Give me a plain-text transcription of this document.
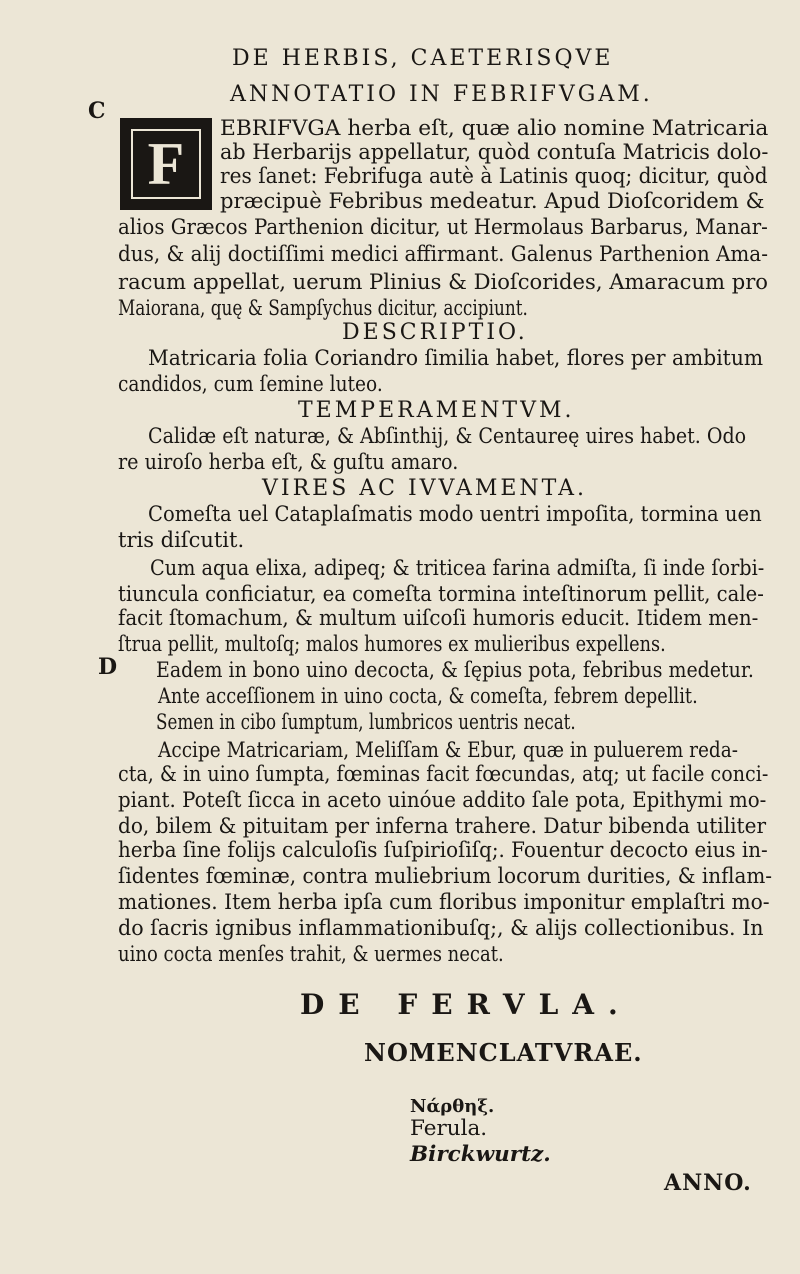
DE HERBIS, CAETERISQVE
ANNOTATIO IN FEBRIFVGAM.
C
F
EBRIFVGA herba eſt, quæ alio nomine Matricaria
ab Herbarijs appellatur, quòd contuſa Matricis dolo-
res ſanet: Febrifuga autè à Latinis quoq; dicitur, quòd
præcipuè Febribus medeatur. Apud Dioſcoridem &
alios Græcos Parthenion dicitur, ut Hermolaus Barbarus, Manar-
dus, & alij doctiſſimi medici affirmant. Galenus Parthenion Ama-
racum appellat, uerum Plinius & Dioſcorides, Amaracum pro
Maiorana, quę & Sampſychus dicitur, accipiunt.
DESCRIPTIO.
Matricaria folia Coriandro ſimilia habet, flores per ambitum
candidos, cum ſemine luteo.
TEMPERAMENTVM.
Calidæ eſt naturæ, & Abſinthij, & Centaureę uires habet. Odo
re uiroſo herba eſt, & guſtu amaro.
VIRES AC IVVAMENTA.
Comeſta uel Cataplaſmatis modo uentri impoſita, tormina uen
tris diſcutit.
Cum aqua elixa, adipeq; & triticea farina admiſta, ſi inde ſorbi-
tiuncula conficiatur, ea comeſta tormina inteſtinorum pellit, cale-
facit ſtomachum, & multum uiſcoſi humoris educit. Itidem men-
ſtrua pellit, multoſq; malos humores ex mulieribus expellens.
Eadem in bono uino decocta, & ſępius pota, febribus medetur.
Ante acceſſionem in uino cocta, & comeſta, febrem depellit.
Semen in cibo ſumptum, lumbricos uentris necat.
Accipe Matricariam, Meliſſam & Ebur, quæ in puluerem reda-
cta, & in uino ſumpta, fœminas facit fœcundas, atq; ut facile conci-
piant. Poteſt ſicca in aceto uinóue addito ſale pota, Epithymi mo-
do, bilem & pituitam per inferna trahere. Datur bibenda utiliter
herba ſine folijs calculoſis ſuſpirioſiſq;. Fouentur decocto eius in-
ſidentes fœminæ, contra muliebrium locorum durities, & inflam-
mationes. Item herba ipſa cum floribus imponitur emplaſtri mo-
do ſacris ignibus inflammationibuſq;, & alijs collectionibus. In
uino cocta menſes trahit, & uermes necat.
D
DE FERVLA.
NOMENCLATVRAE.
Νάρθηξ.
Ferula.
Birckwurtz.
ANNO.
